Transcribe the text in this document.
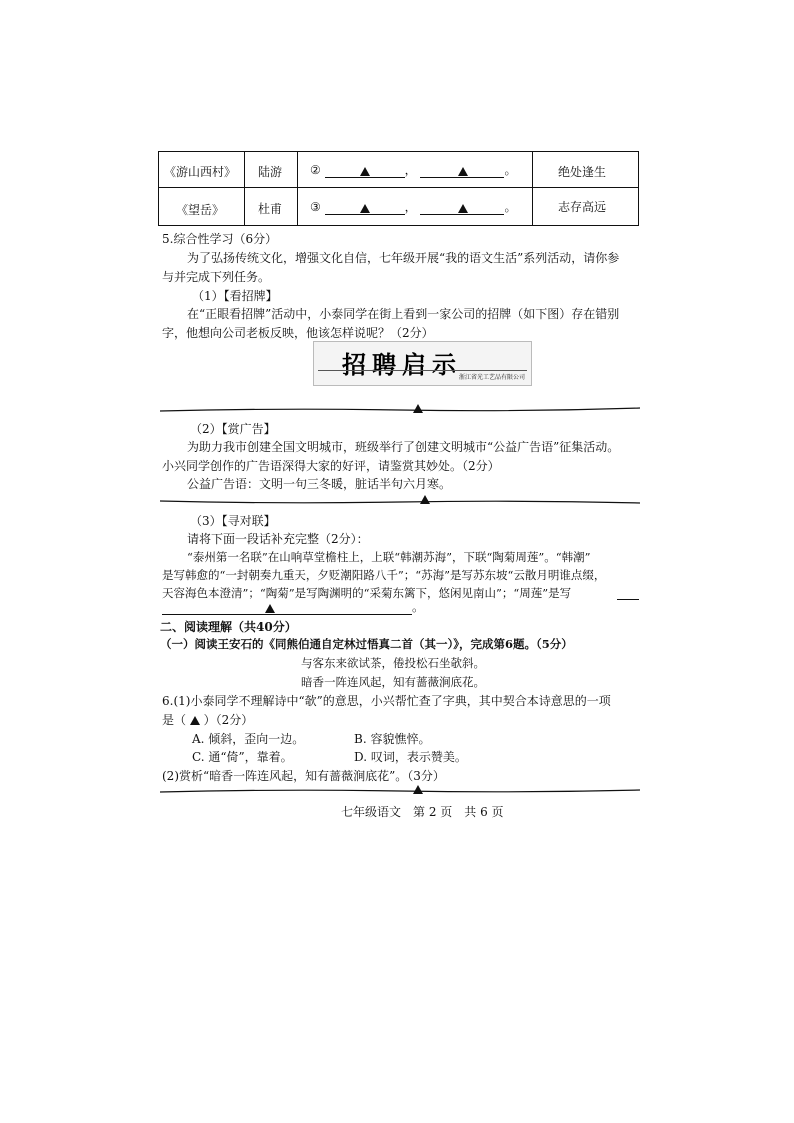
《游山西村》 陆游 ②	，	。	绝处逢生
《望岳》	杜甫 ③	，	。	志存高远
5.综合性学习（6分）
为了弘扬传统文化，增强文化自信，七年级开展“我的语文生活”系列活动，请你参
与并完成下列任务。
（1）【看招牌】
在“正眼看招牌”活动中，小泰同学在街上看到一家公司的招牌（如下图）存在错别
字，他想向公司老板反映，他该怎样说呢？（2分）
招聘启示
浙江省光工艺品有限公司
（2）【赏广告】
为助力我市创建全国文明城市，班级举行了创建文明城市“公益广告语”征集活动。
小兴同学创作的广告语深得大家的好评，请鉴赏其妙处。（2分）
公益广告语：文明一句三冬暖，脏话半句六月寒。
（3）【寻对联】
请将下面一段话补充完整（2分）：
“泰州第一名联”在山响草堂檐柱上，上联“韩潮苏海”，下联“陶菊周莲”。“韩潮”
是写韩愈的“一封朝奏九重天，夕贬潮阳路八千”；“苏海”是写苏东坡“云散月明谁点缀，
天容海色本澄清”；“陶菊”是写陶渊明的“采菊东篱下，悠闲见南山”；“周莲”是写
。
二、阅读理解（共40分）
（一）阅读王安石的《同熊伯通自定林过悟真二首（其一）》，完成第6题。（5分）
与客东来欲试茶，倦投松石坐欹斜。
暗香一阵连风起，知有蔷薇涧底花。
6.(1)小泰同学不理解诗中“欹”的意思，小兴帮忙查了字典，其中契合本诗意思的一项
是（ ）（2分）
A. 倾斜，歪向一边。	B. 容貌憔悴。
C. 通“倚”，靠着。	D. 叹词，表示赞美。
(2)赏析“暗香一阵连风起，知有蔷薇涧底花”。（3分）
七年级语文　第 2 页　共 6 页
